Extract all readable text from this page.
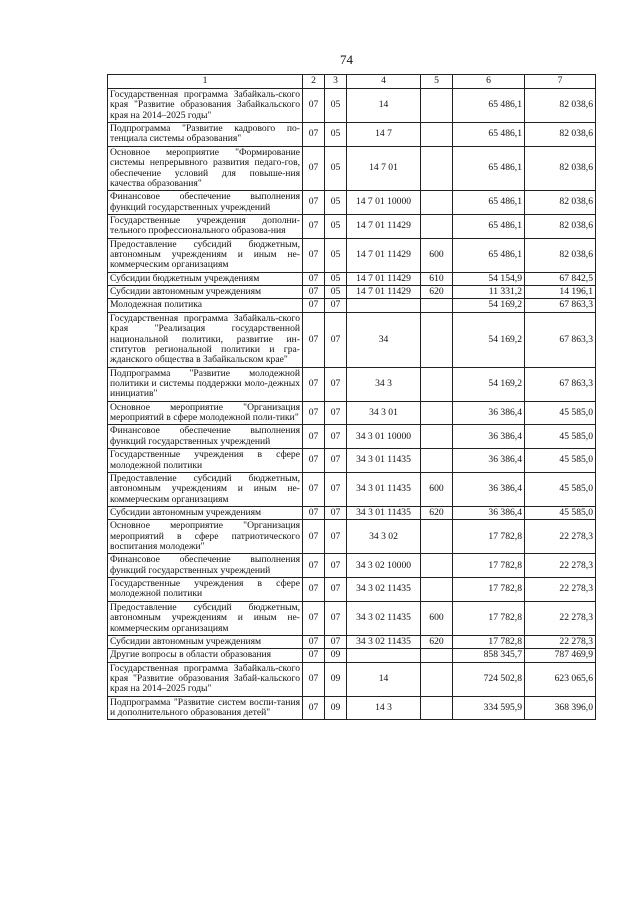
74
1	2	3	4	5	6	7
Государственная программа Забайкаль-ского края "Развитие образования Забайкальского края на 2014–2025 годы"	07	05	14		65 486,1	82 038,6
Подпрограмма "Развитие кадрового по-тенциала системы образования"	07	05	14 7		65 486,1	82 038,6
Основное мероприятие "Формирование системы непрерывного развития педаго-гов, обеспечение условий для повыше-ния качества образования"	07	05	14 7 01		65 486,1	82 038,6
Финансовое обеспечение выполнения функций государственных учреждений	07	05	14 7 01 10000		65 486,1	82 038,6
Государственные учреждения дополни-тельного профессионального образова-ния	07	05	14 7 01 11429		65 486,1	82 038,6
Предоставление субсидий бюджетным, автономным учреждениям и иным не-коммерческим организациям	07	05	14 7 01 11429	600	65 486,1	82 038,6
Субсидии бюджетным учреждениям	07	05	14 7 01 11429	610	54 154,9	67 842,5
Субсидии автономным учреждениям	07	05	14 7 01 11429	620	11 331,2	14 196,1
Молодежная политика	07	07			54 169,2	67 863,3
Государственная программа Забайкаль-ского края "Реализация государственной национальной политики, развитие ин-ститутов региональной политики и гра-жданского общества в Забайкальском крае"	07	07	34		54 169,2	67 863,3
Подпрограмма "Развитие молодежной политики и системы поддержки моло-дежных инициатив"	07	07	34 3		54 169,2	67 863,3
Основное мероприятие "Организация мероприятий в сфере молодежной поли-тики"	07	07	34 3 01		36 386,4	45 585,0
Финансовое обеспечение выполнения функций государственных учреждений	07	07	34 3 01 10000		36 386,4	45 585,0
Государственные учреждения в сфере молодежной политики	07	07	34 3 01 11435		36 386,4	45 585,0
Предоставление субсидий бюджетным, автономным учреждениям и иным не-коммерческим организациям	07	07	34 3 01 11435	600	36 386,4	45 585,0
Субсидии автономным учреждениям	07	07	34 3 01 11435	620	36 386,4	45 585,0
Основное мероприятие "Организация мероприятий в сфере патриотического воспитания молодежи"	07	07	34 3 02		17 782,8	22 278,3
Финансовое обеспечение выполнения функций государственных учреждений	07	07	34 3 02 10000		17 782,8	22 278,3
Государственные учреждения в сфере молодежной политики	07	07	34 3 02 11435		17 782,8	22 278,3
Предоставление субсидий бюджетным, автономным учреждениям и иным не-коммерческим организациям	07	07	34 3 02 11435	600	17 782,8	22 278,3
Субсидии автономным учреждениям	07	07	34 3 02 11435	620	17 782,8	22 278,3
Другие вопросы в области образования	07	09			858 345,7	787 469,9
Государственная программа Забайкаль-ского края "Развитие образования Забай-кальского края на 2014–2025 годы"	07	09	14		724 502,8	623 065,6
Подпрограмма "Развитие систем воспи-тания и дополнительного образования детей"	07	09	14 3		334 595,9	368 396,0
